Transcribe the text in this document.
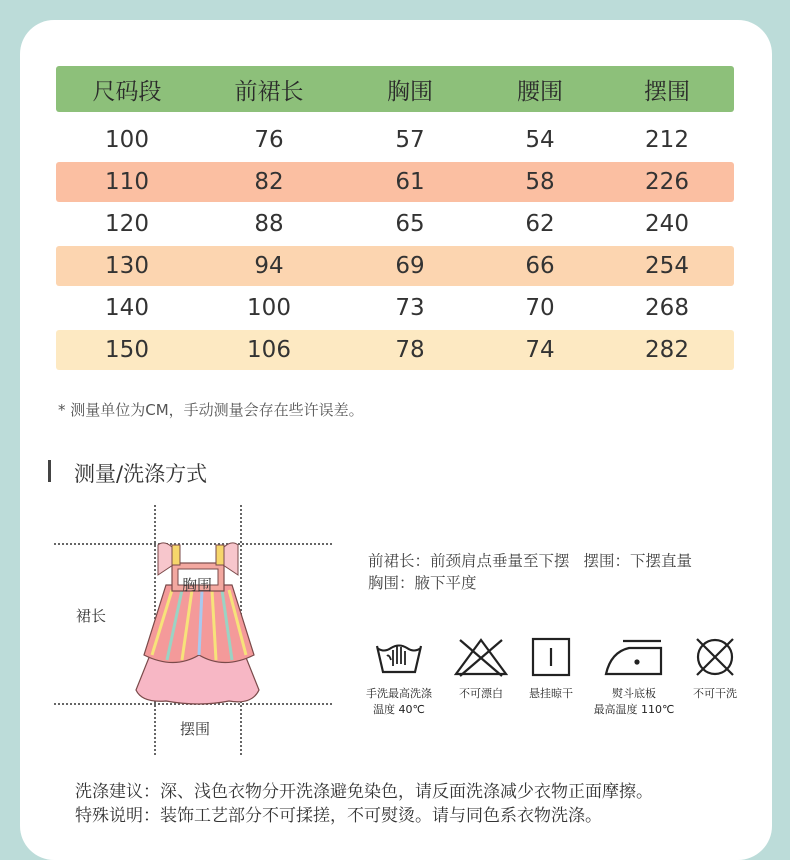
尺码段	前裙长	胸围	腰围	摆围
100	76	57	54	212
110	82	61	58	226
120	88	65	62	240
130	94	69	66	254
140	100	73	70	268
150	106	78	74	282
* 测量单位为CM，手动测量会存在些许误差。
测量/洗涤方式
胸围
裙长
摆围
前裙长：前颈肩点垂量至下摆 摆围：下摆直量
胸围：腋下平度
手洗最高洗涤
温度 40℃
不可漂白	悬挂晾干	熨斗底板
最高温度 110℃
不可干洗
洗涤建议：深、浅色衣物分开洗涤避免染色，请反面洗涤减少衣物正面摩擦。
特殊说明：装饰工艺部分不可揉搓，不可熨烫。请与同色系衣物洗涤。
